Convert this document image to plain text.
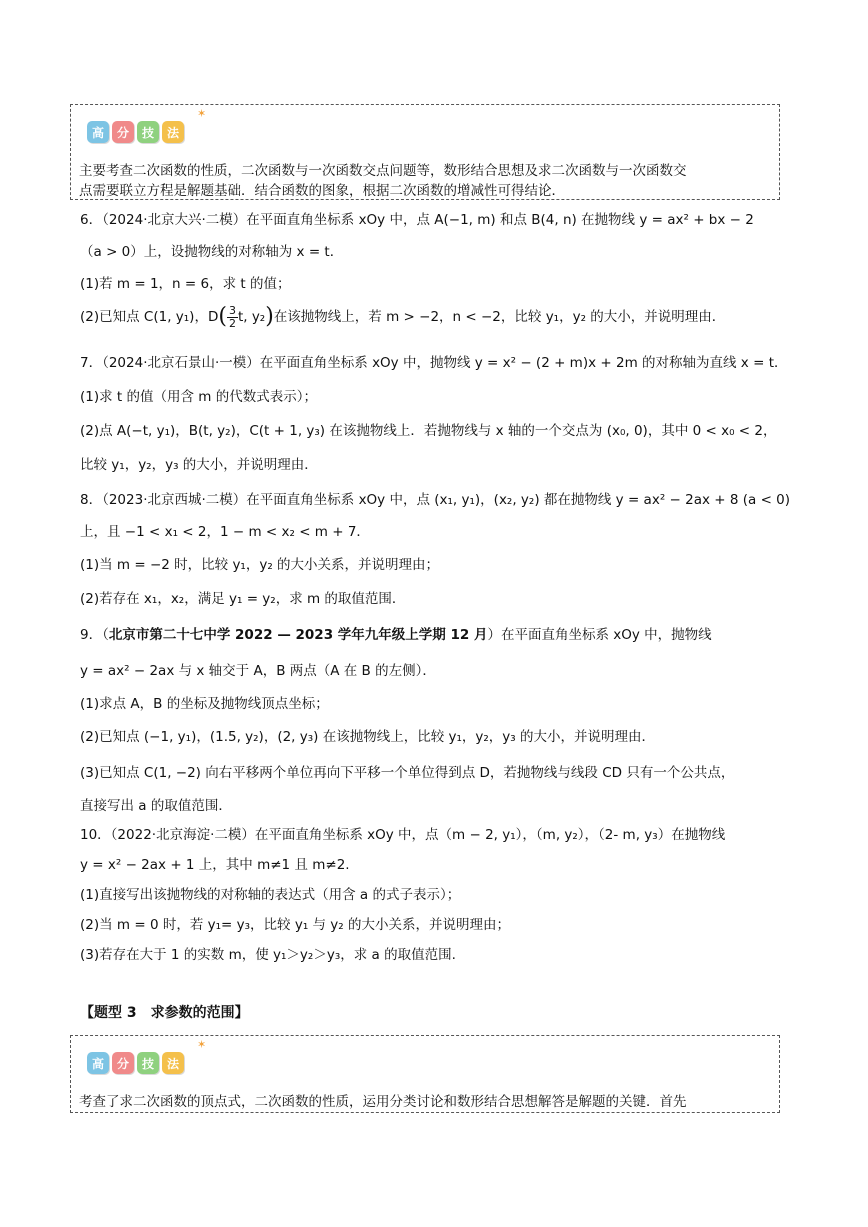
高	分	技	法
✶
主要考查二次函数的性质，二次函数与一次函数交点问题等，数形结合思想及求二次函数与一次函数交
点需要联立方程是解题基础．结合函数的图象，根据二次函数的增减性可得结论．
6．（2024·北京大兴·二模）在平面直角坐标系 xOy 中，点 A(−1, m) 和点 B(4, n) 在抛物线 y = ax² + bx − 2
（a > 0）上，设抛物线的对称轴为 x = t．
(1)若 m = 1，n = 6，求 t 的值；
(2)已知点 C(1, y₁)，$D( \frac{3}{2} t$, y₂)在该抛物线上，若 m > −2，n < −2，比较 y₁，y₂ 的大小，并说明理由．
7．（2024·北京石景山·一模）在平面直角坐标系 xOy 中，抛物线 y = x² − (2 + m)x + 2m 的对称轴为直线 x = t．
(1)求 t 的值（用含 m 的代数式表示）；
(2)点 A(−t, y₁)，B(t, y₂)，C(t + 1, y₃) 在该抛物线上．若抛物线与 x 轴的一个交点为 (x₀, 0)，其中 0 < x₀ < 2，
比较 y₁，y₂，y₃ 的大小，并说明理由．
8．（2023·北京西城·二模）在平面直角坐标系 xOy 中，点 (x₁, y₁)，(x₂, y₂) 都在抛物线 y = ax² − 2ax + 8 (a < 0)
上，且 −1 < x₁ < 2，1 − m < x₂ < m + 7．
(1)当 m = −2 时，比较 y₁，y₂ 的大小关系，并说明理由；
(2)若存在 x₁，x₂，满足 y₁ = y₂，求 m 的取值范围．
9．（北京市第二十七中学 2022 — 2023 学年九年级上学期 12 月）在平面直角坐标系 xOy 中，抛物线
y = ax² − 2ax 与 x 轴交于 A，B 两点（A 在 B 的左侧）．
(1)求点 A，B 的坐标及抛物线顶点坐标；
(2)已知点 (−1, y₁)，(1.5, y₂)，(2, y₃) 在该抛物线上，比较 y₁，y₂，y₃ 的大小，并说明理由．
(3)已知点 C(1, −2) 向右平移两个单位再向下平移一个单位得到点 D，若抛物线与线段 CD 只有一个公共点，
直接写出 a 的取值范围．
10．（2022·北京海淀·二模）在平面直角坐标系 xOy 中，点（m − 2, y₁），（m, y₂），（2- m, y₃）在抛物线
y = x² − 2ax + 1 上，其中 m≠1 且 m≠2.
(1)直接写出该抛物线的对称轴的表达式（用含 a 的式子表示）；
(2)当 m = 0 时，若 y₁= y₃，比较 y₁ 与 y₂ 的大小关系，并说明理由；
(3)若存在大于 1 的实数 m，使 y₁＞y₂＞y₃，求 a 的取值范围.
【题型 3　求参数的范围】
高	分	技	法
✶
考查了求二次函数的顶点式，二次函数的性质，运用分类讨论和数形结合思想解答是解题的关键．首先
